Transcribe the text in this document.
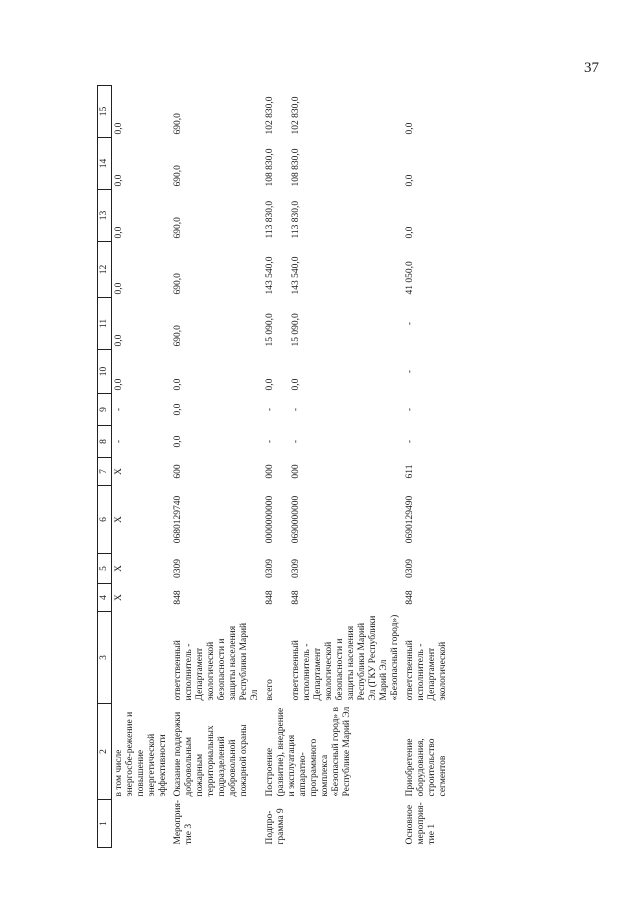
37
1	2	3	4	5	6	7	8	9	10	11	12	13	14	15
	в том числе энергосбе-режение и повышение энергетической эффективности		Х	Х	Х	Х	-	-	0,0	0,0	0,0	0,0	0,0	0,0
Мероприя-тие 3	Оказание поддержки добровольным пожарным территориальных подразделений добровольной пожарной охраны	ответственный исполнитель - Департамент экологической безопасности и защиты населения Республики Марий Эл	848	0309	0680129740	600	0,0	0,0	0,0	690,0	690,0	690,0	690,0	690,0
Подпро-грамма 9	Построение (развитие), внедрение и эксплуатация аппаратно-программного комплекса «Безопасный город» в Республике Марий Эл	всего	848	0309	0000000000	000	-	-	0,0	15 090,0	143 540,0	113 830,0	108 830,0	102 830,0
		ответственный исполнитель - Департамент экологической безопасности и защиты населения Республики Марий Эл (ГКУ Республики Марий Эл «Безопасный город»)	848	0309	0690000000	000	-	-	0,0	15 090,0	143 540,0	113 830,0	108 830,0	102 830,0
Основное мероприя-тие 1	Приобретение оборудования, строительство сегментов	ответственный исполнитель - Департамент экологической	848	0309	0690129490	611	-	-	-	-	41 050,0	0,0	0,0	0,0
